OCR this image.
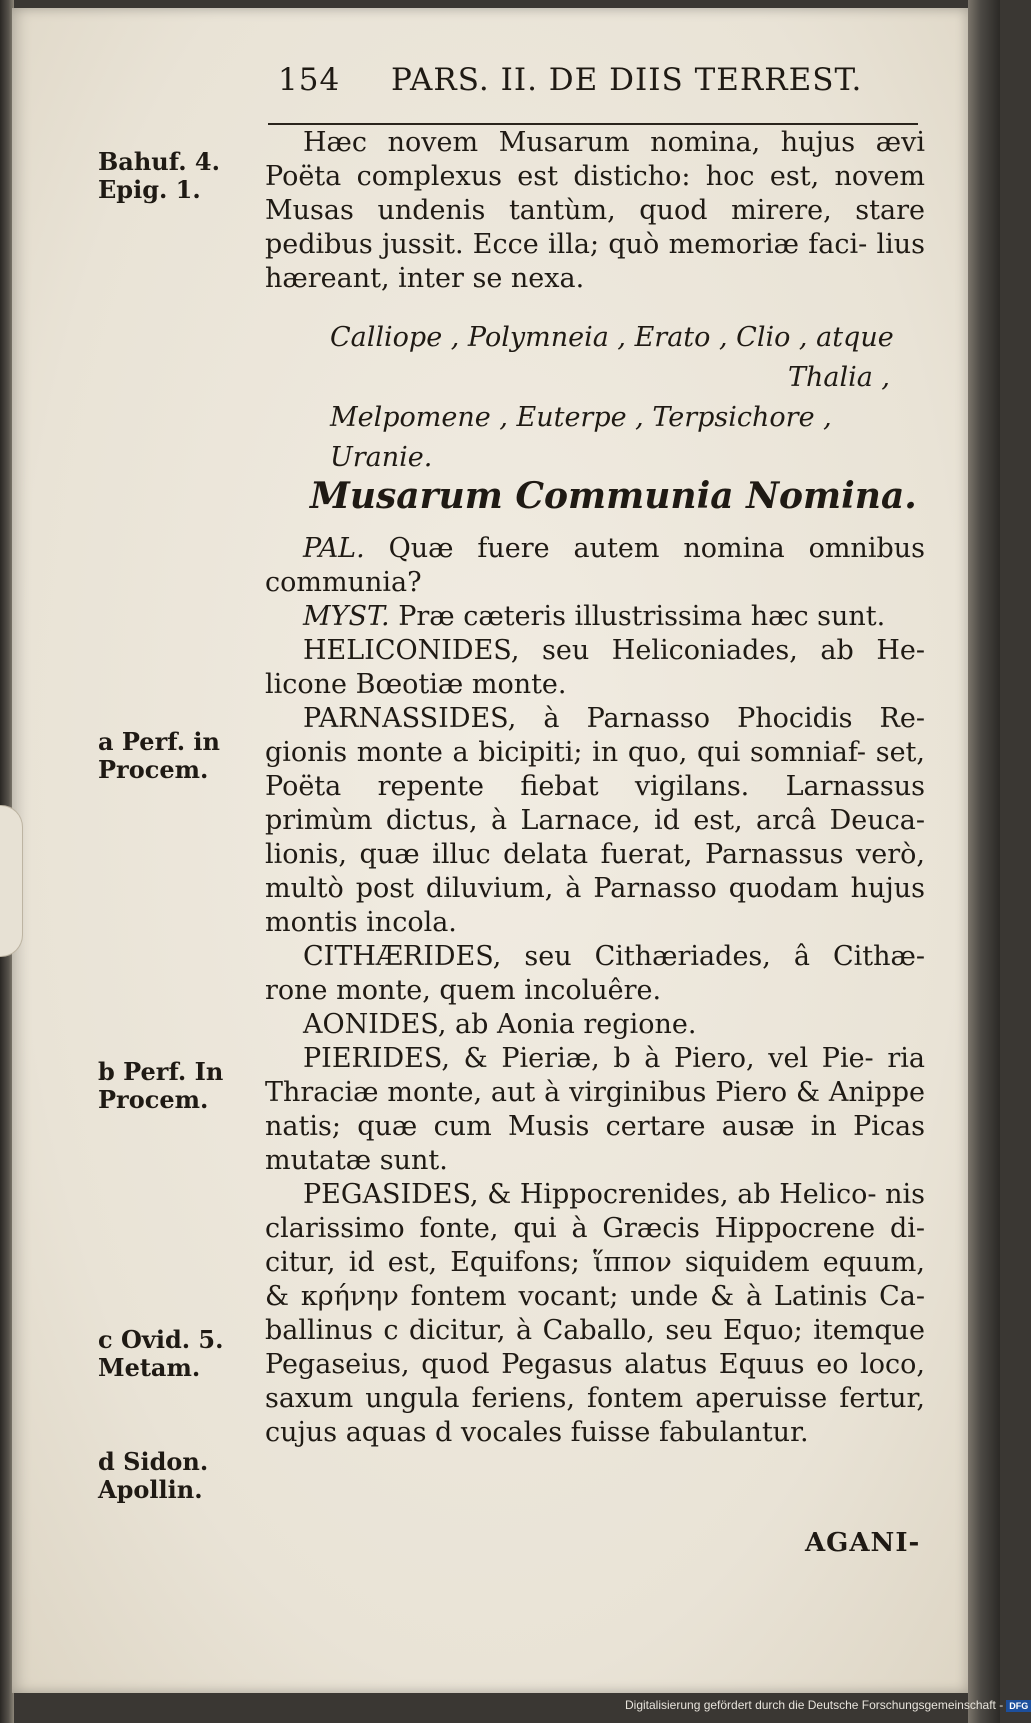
154 PARS. II. DE DIIS TERREST.
Bahuf. 4.
Epig. 1.
a Perf. in
Procem.
b Perf. In
Procem.
c Ovid. 5.
Metam.
d Sidon.
Apollin.

Hæc novem Musarum nomina, hujus ævi Poëta complexus est disticho: hoc est, novem Musas undenis tantùm, quod mirere, stare pedibus jussit. Ecce illa; quò memoriæ faci- lius hæreant, inter se nexa.

Calliope , Polymneia , Erato , Clio , atque
Thalia ,
Melpomene , Euterpe , Terpsichore , Uranie.
Musarum Communia Nomina.

PAL. Quæ fuere autem nomina omnibus communia?

MYST. Præ cæteris illustrissima hæc sunt.

HELICONIDES, seu Heliconiades, ab He- licone Bœotiæ monte.

PARNASSIDES, à Parnasso Phocidis Re- gionis monte a bicipiti; in quo, qui somniaf- set, Poëta repente fiebat vigilans. Larnassus primùm dictus, à Larnace, id est, arcâ Deuca- lionis, quæ illuc delata fuerat, Parnassus verò, multò post diluvium, à Parnasso quodam hujus montis incola.

CITHÆRIDES, seu Cithæriades, â Cithæ- rone monte, quem incoluêre.

AONIDES, ab Aonia regione.

PIERIDES, & Pieriæ, b à Piero, vel Pie- ria Thraciæ monte, aut à virginibus Piero & Anippe natis; quæ cum Musis certare ausæ in Picas mutatæ sunt.

PEGASIDES, & Hippocrenides, ab Helico- nis clarissimo fonte, qui à Græcis Hippocrene di- citur, id est, Equifons; ἵππον siquidem equum, & κρήνην fontem vocant; unde & à Latinis Ca- ballinus c dicitur, à Caballo, seu Equo; itemque Pegaseius, quod Pegasus alatus Equus eo loco, saxum ungula feriens, fontem aperuisse fertur, cujus aquas d vocales fuisse fabulantur.

AGANI-
Digitalisierung gefördert durch die Deutsche Forschungsgemeinschaft - DFG
